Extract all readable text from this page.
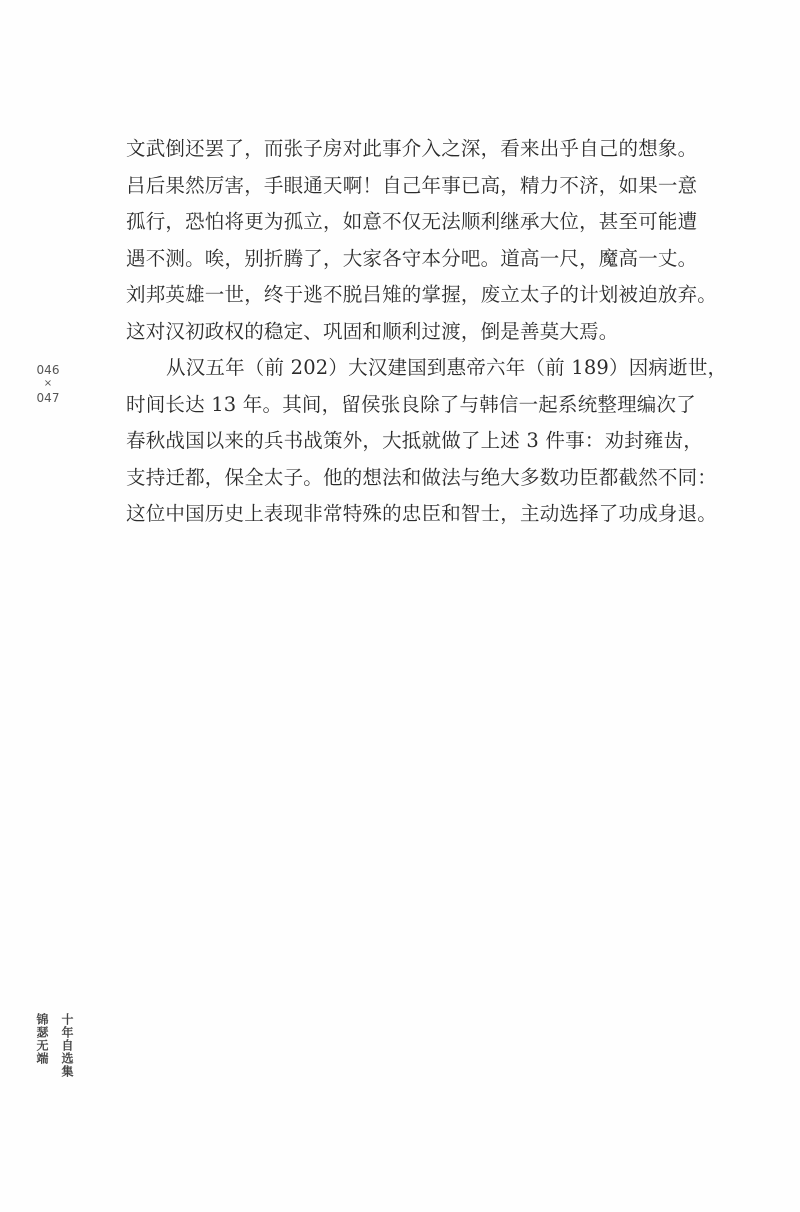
046
×
047
文武倒还罢了，而张子房对此事介入之深，看来出乎自己的想象。
吕后果然厉害，手眼通天啊！自己年事已高，精力不济，如果一意
孤行，恐怕将更为孤立，如意不仅无法顺利继承大位，甚至可能遭
遇不测。唉，别折腾了，大家各守本分吧。道高一尺，魔高一丈。
刘邦英雄一世，终于逃不脱吕雉的掌握，废立太子的计划被迫放弃。
这对汉初政权的稳定、巩固和顺利过渡，倒是善莫大焉。
从汉五年（前 202）大汉建国到惠帝六年（前 189）因病逝世，
时间长达 13 年。其间，留侯张良除了与韩信一起系统整理编次了
春秋战国以来的兵书战策外，大抵就做了上述 3 件事：劝封雍齿，
支持迁都，保全太子。他的想法和做法与绝大多数功臣都截然不同：
这位中国历史上表现非常特殊的忠臣和智士，主动选择了功成身退。
锦瑟无端 十年自选集
